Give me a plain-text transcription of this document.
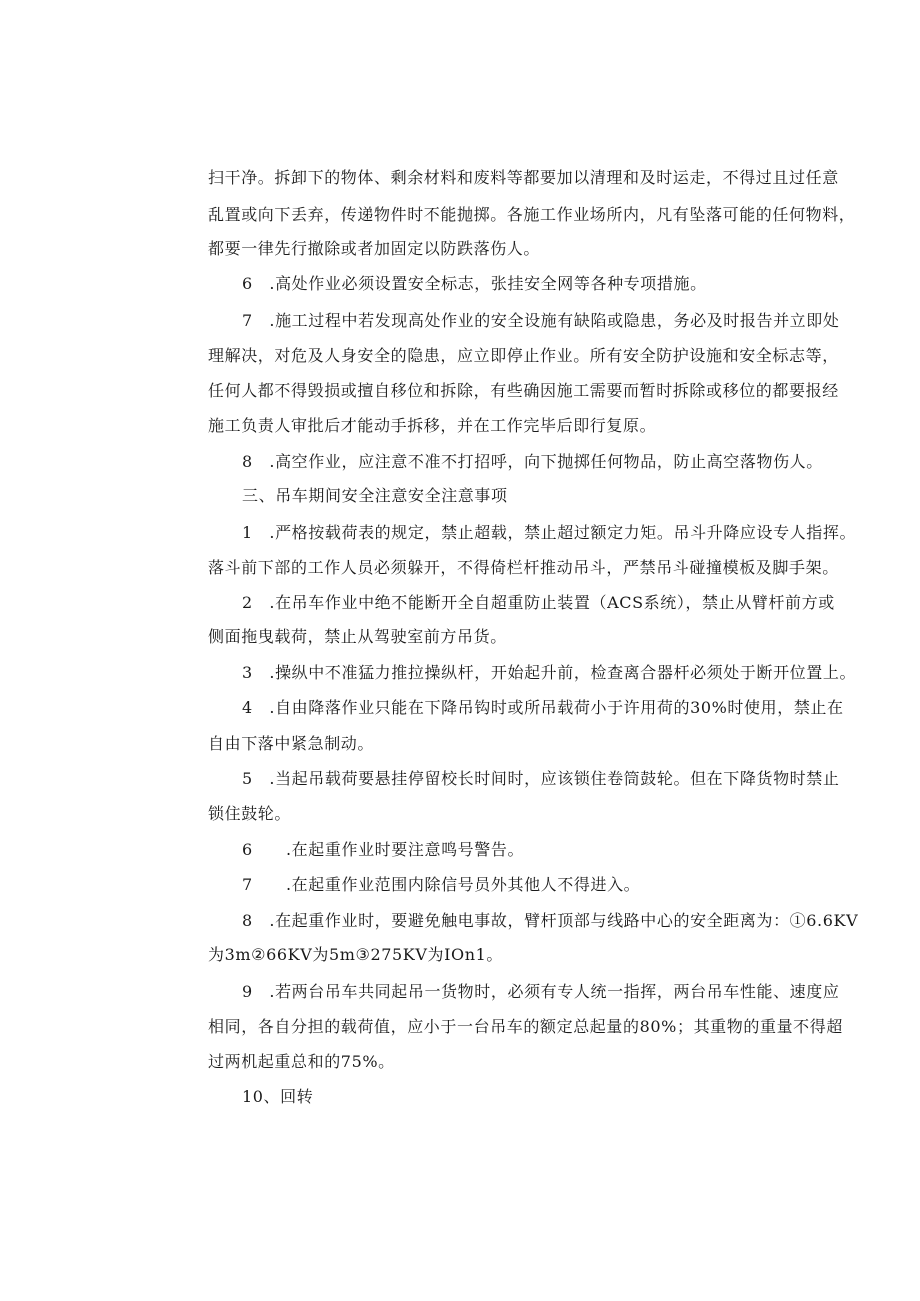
扫干净。拆卸下的物体、剩余材料和废料等都要加以清理和及时运走，不得过且过任意
乱置或向下丢弃，传递物件时不能抛掷。各施工作业场所内，凡有坠落可能的任何物料，
都要一律先行撤除或者加固定以防跌落伤人。
6　.高处作业必须设置安全标志，张挂安全网等各种专项措施。
7　.施工过程中若发现高处作业的安全设施有缺陷或隐患，务必及时报告并立即处
理解决，对危及人身安全的隐患，应立即停止作业。所有安全防护设施和安全标志等，
任何人都不得毁损或擅自移位和拆除，有些确因施工需要而暂时拆除或移位的都要报经
施工负责人审批后才能动手拆移，并在工作完毕后即行复原。
8　.高空作业，应注意不准不打招呼，向下抛掷任何物品，防止高空落物伤人。
三、吊车期间安全注意安全注意事项
1　.严格按载荷表的规定，禁止超载，禁止超过额定力矩。吊斗升降应设专人指挥。
落斗前下部的工作人员必须躲开，不得倚栏杆推动吊斗，严禁吊斗碰撞模板及脚手架。
2　.在吊车作业中绝不能断开全自超重防止装置（ACS系统），禁止从臂杆前方或
侧面拖曳载荷，禁止从驾驶室前方吊货。
3　.操纵中不准猛力推拉操纵杆，开始起升前，检查离合器杆必须处于断开位置上。
4　.自由降落作业只能在下降吊钩时或所吊载荷小于许用荷的30%时使用，禁止在
自由下落中紧急制动。
5　.当起吊载荷要悬挂停留校长时间时，应该锁住卷筒鼓轮。但在下降货物时禁止
锁住鼓轮。
6　　.在起重作业时要注意鸣号警告。
7　　.在起重作业范围内除信号员外其他人不得进入。
8　.在起重作业时，要避免触电事故，臂杆顶部与线路中心的安全距离为：①6.6KV
为3m②66KV为5m③275KV为IOn1。
9　.若两台吊车共同起吊一货物时，必须有专人统一指挥，两台吊车性能、速度应
相同，各自分担的载荷值，应小于一台吊车的额定总起量的80%；其重物的重量不得超
过两机起重总和的75%。
10、回转
